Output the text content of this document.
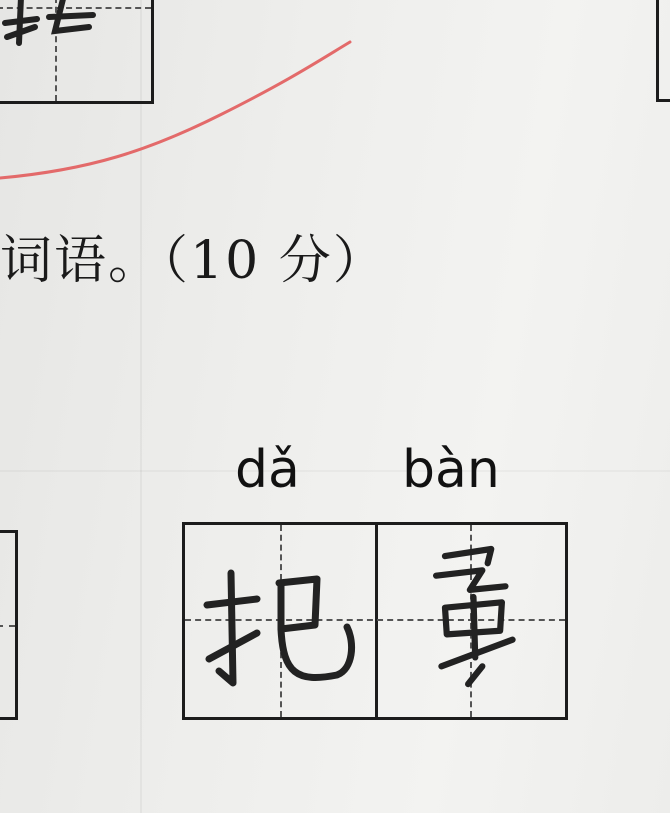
词语。（10 分）
dǎ bàn
